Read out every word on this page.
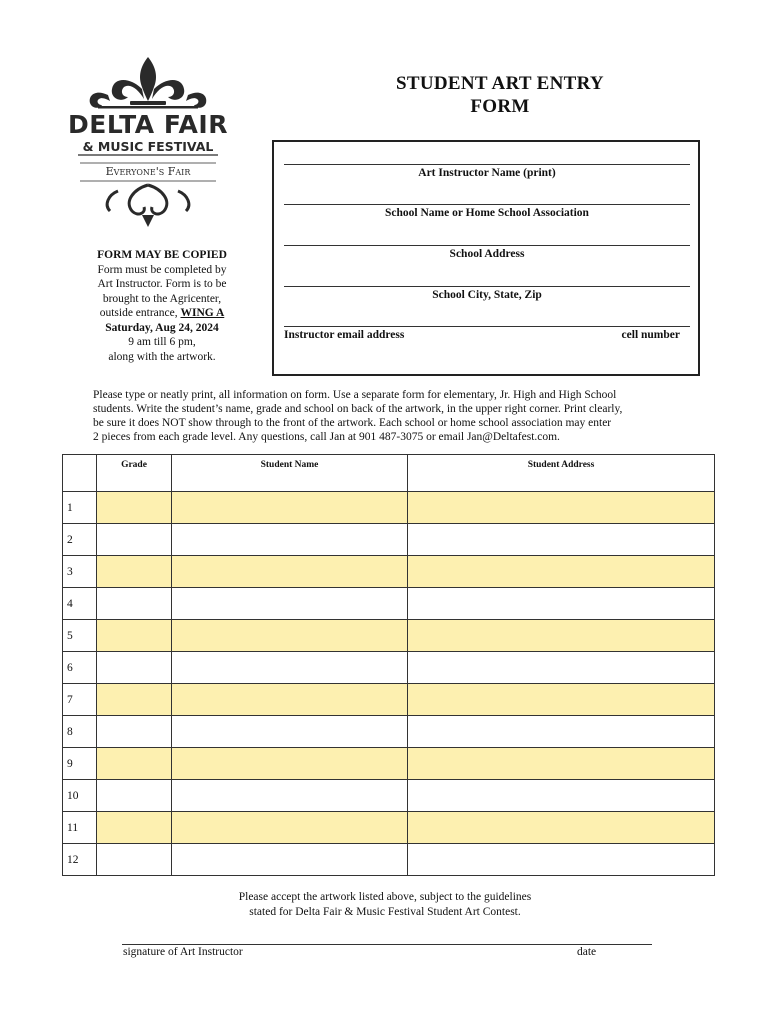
DELTA FAIR
& MUSIC FESTIVAL
Everyone's Fair
STUDENT ART ENTRY
FORM
Art Instructor Name (print)
School Name or Home School Association
School Address
School City, State, Zip
Instructor email address	cell number
FORM MAY BE COPIED
Form must be completed by
Art Instructor. Form is to be
brought to the Agricenter,
outside entrance, WING A
Saturday, Aug 24, 2024
9 am till 6 pm,
along with the artwork.
Please type or neatly print, all information on form. Use a separate form for elementary, Jr. High and High School
students. Write the student’s name, grade and school on back of the artwork, in the upper right corner. Print clearly,
be sure it does NOT show through to the front of the artwork. Each school or home school association may enter
2 pieces from each grade level. Any questions, call Jan at 901 487-3075 or email Jan@Deltafest.com.
	Grade	Student Name	Student Address
1			
2			
3			
4			
5			
6			
7			
8			
9			
10			
11			
12			
Please accept the artwork listed above, subject to the guidelines
stated for Delta Fair & Music Festival Student Art Contest.
signature of Art Instructor	date
